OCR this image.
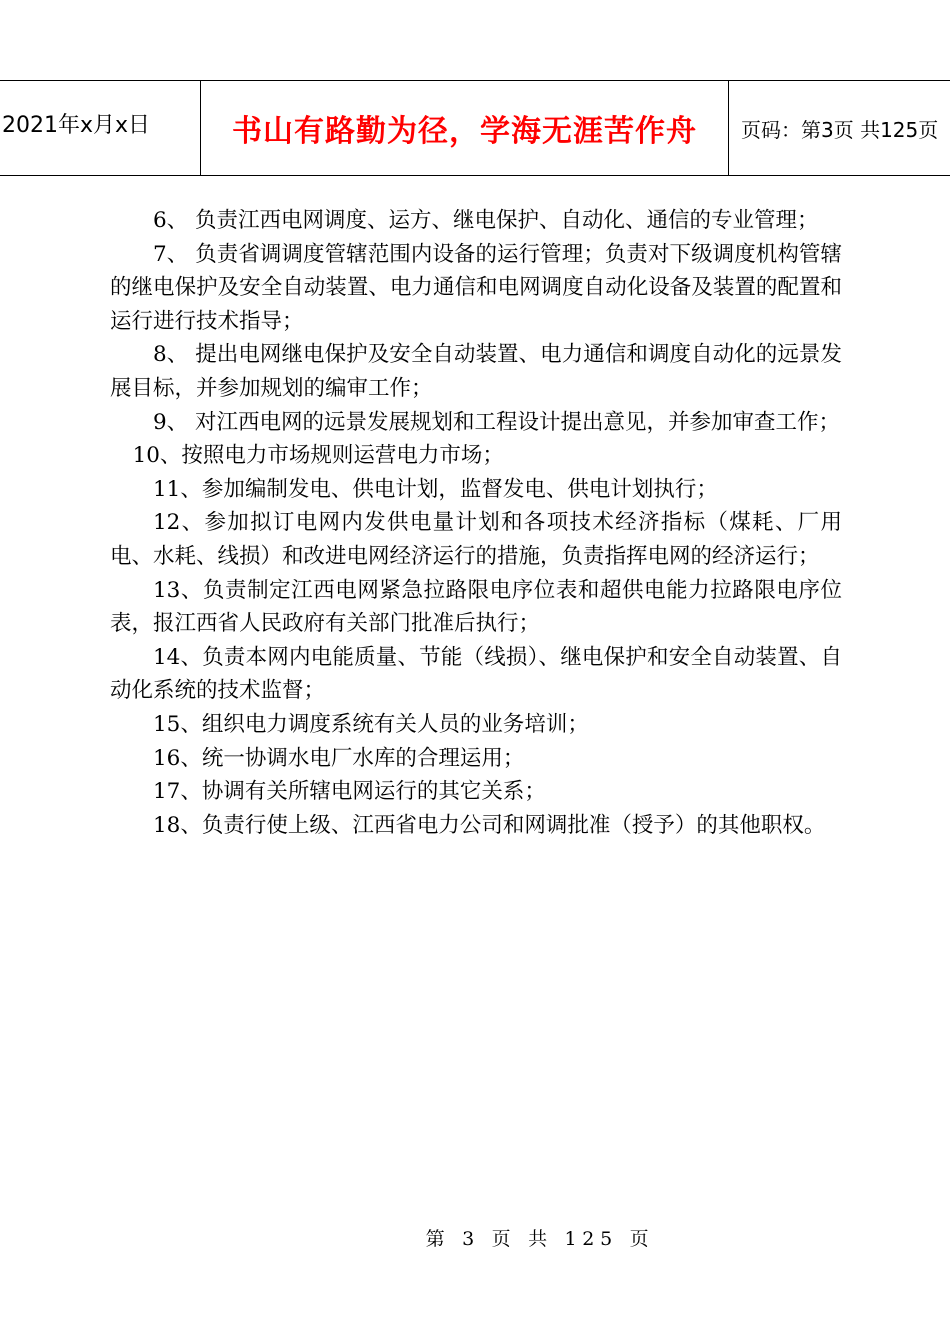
2021年x月x日	书山有路勤为径，学海无涯苦作舟	页码：第3页 共125页

6、 负责江西电网调度、运方、继电保护、自动化、通信的专业管理；

7、 负责省调调度管辖范围内设备的运行管理；负责对下级调度机构管辖的继电保护及安全自动装置、电力通信和电网调度自动化设备及装置的配置和运行进行技术指导；

8、 提出电网继电保护及安全自动装置、电力通信和调度自动化的远景发展目标，并参加规划的编审工作；

9、 对江西电网的远景发展规划和工程设计提出意见，并参加审查工作；

10、按照电力市场规则运营电力市场；

11、参加编制发电、供电计划，监督发电、供电计划执行；

12、参加拟订电网内发供电量计划和各项技术经济指标（煤耗、厂用电、水耗、线损）和改进电网经济运行的措施，负责指挥电网的经济运行；

13、负责制定江西电网紧急拉路限电序位表和超供电能力拉路限电序位表，报江西省人民政府有关部门批准后执行；

14、负责本网内电能质量、节能（线损）、继电保护和安全自动装置、自动化系统的技术监督；

15、组织电力调度系统有关人员的业务培训；

16、统一协调水电厂水库的合理运用；

17、协调有关所辖电网运行的其它关系；

18、负责行使上级、江西省电力公司和网调批准（授予）的其他职权。

第 3 页 共 125 页
